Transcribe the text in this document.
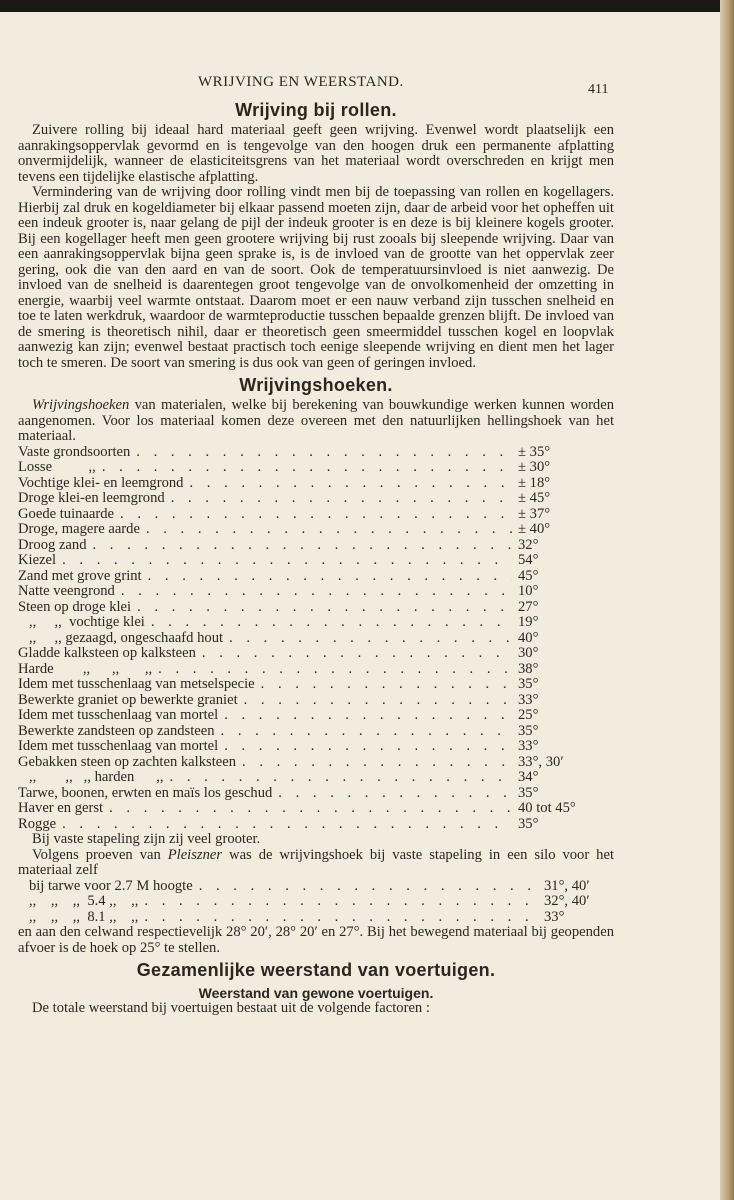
WRIJVING EN WEERSTAND.	411
Wrijving bij rollen.

Zuivere rolling bij ideaal hard materiaal geeft geen wrijving. Evenwel wordt plaatselijk een aanrakingsoppervlak gevormd en is tengevolge van den hoogen druk een permanente afplatting onvermijdelijk, wanneer de elasticiteitsgrens van het materiaal wordt overschreden en krijgt men tevens een tijdelijke elastische afplatting.

Vermindering van de wrijving door rolling vindt men bij de toepassing van rollen en kogellagers. Hierbij zal druk en kogeldiameter bij elkaar passend moeten zijn, daar de arbeid voor het opheffen uit een indeuk grooter is, naar gelang de pijl der indeuk grooter is en deze is bij kleinere kogels grooter. Bij een kogellager heeft men geen grootere wrijving bij rust zooals bij sleepende wrijving. Daar van een aanrakingsoppervlak bijna geen sprake is, is de invloed van de grootte van het oppervlak zeer gering, ook die van den aard en van de soort. Ook de temperatuursinvloed is niet aanwezig. De invloed van de snelheid is daarentegen groot tengevolge van de onvolkomenheid der omzetting in energie, waarbij veel warmte ontstaat. Daarom moet er een nauw verband zijn tusschen snelheid en toe te laten werkdruk, waardoor de warmteproductie tusschen bepaalde grenzen blijft. De invloed van de smering is theoretisch nihil, daar er theoretisch geen smeermiddel tusschen kogel en loopvlak aanwezig kan zijn; evenwel bestaat practisch toch eenige sleepende wrijving en dient men het lager toch te smeren. De soort van smering is dus ook van geen of geringen invloed.

Wrijvingshoeken.

Wrijvingshoeken van materialen, welke bij berekening van bouwkundige werken kunnen worden aangenomen. Voor los materiaal komen deze overeen met den natuurlijken hellingshoek van het materiaal.

Vaste grondsoorten . . .	± 35°
Losse          ,, . . .	± 30°
Vochtige klei- en leemgrond . . .	± 18°
Droge klei-en leemgrond . . .	± 45°
Goede tuinaarde . . .	± 37°
Droge, magere aarde . . .	± 40°
Droog zand . . .	32°
Kiezel . . .	54°
Zand met grove grint . . .	45°
Natte veengrond . . .	10°
Steen op droge klei . . .	27°
,,     ,,  vochtige klei . . .	19°
,,     ,, gezaagd, ongeschaafd hout . . .	40°
Gladde kalksteen op kalksteen . . .	30°
Harde        ,,      ,,       ,, . . .	38°
Idem met tusschenlaag van metselspecie . . .	35°
Bewerkte graniet op bewerkte graniet . . .	33°
Idem met tusschenlaag van mortel . . .	25°
Bewerkte zandsteen op zandsteen . . .	35°
Idem met tusschenlaag van mortel . . .	33°
Gebakken steen op zachten kalksteen . . .	33°, 30′
,,        ,,   ,, harden      ,, . . .	34°
Tarwe, boonen, erwten en maïs los geschud . . .	35°
Haver en gerst . . .	40 tot 45°
Rogge . . .	35°

Bij vaste stapeling zijn zij veel grooter.

Volgens proeven van Pleiszner was de wrijvingshoek bij vaste stapeling in een silo voor het materiaal zelf

bij tarwe voor 2.7 M hoogte . . .	31°, 40′
,,    ,,    ,,  5.4 ,,    ,, . . .	32°, 40′
,,    ,,    ,,  8.1 ,,    ,, . . .	33°

en aan den celwand respectievelijk 28° 20′, 28° 20′ en 27°. Bij het bewegend materiaal bij geopenden afvoer is de hoek op 25° te stellen.

Gezamenlijke weerstand van voertuigen.
Weerstand van gewone voertuigen.

De totale weerstand bij voertuigen bestaat uit de volgende factoren :
